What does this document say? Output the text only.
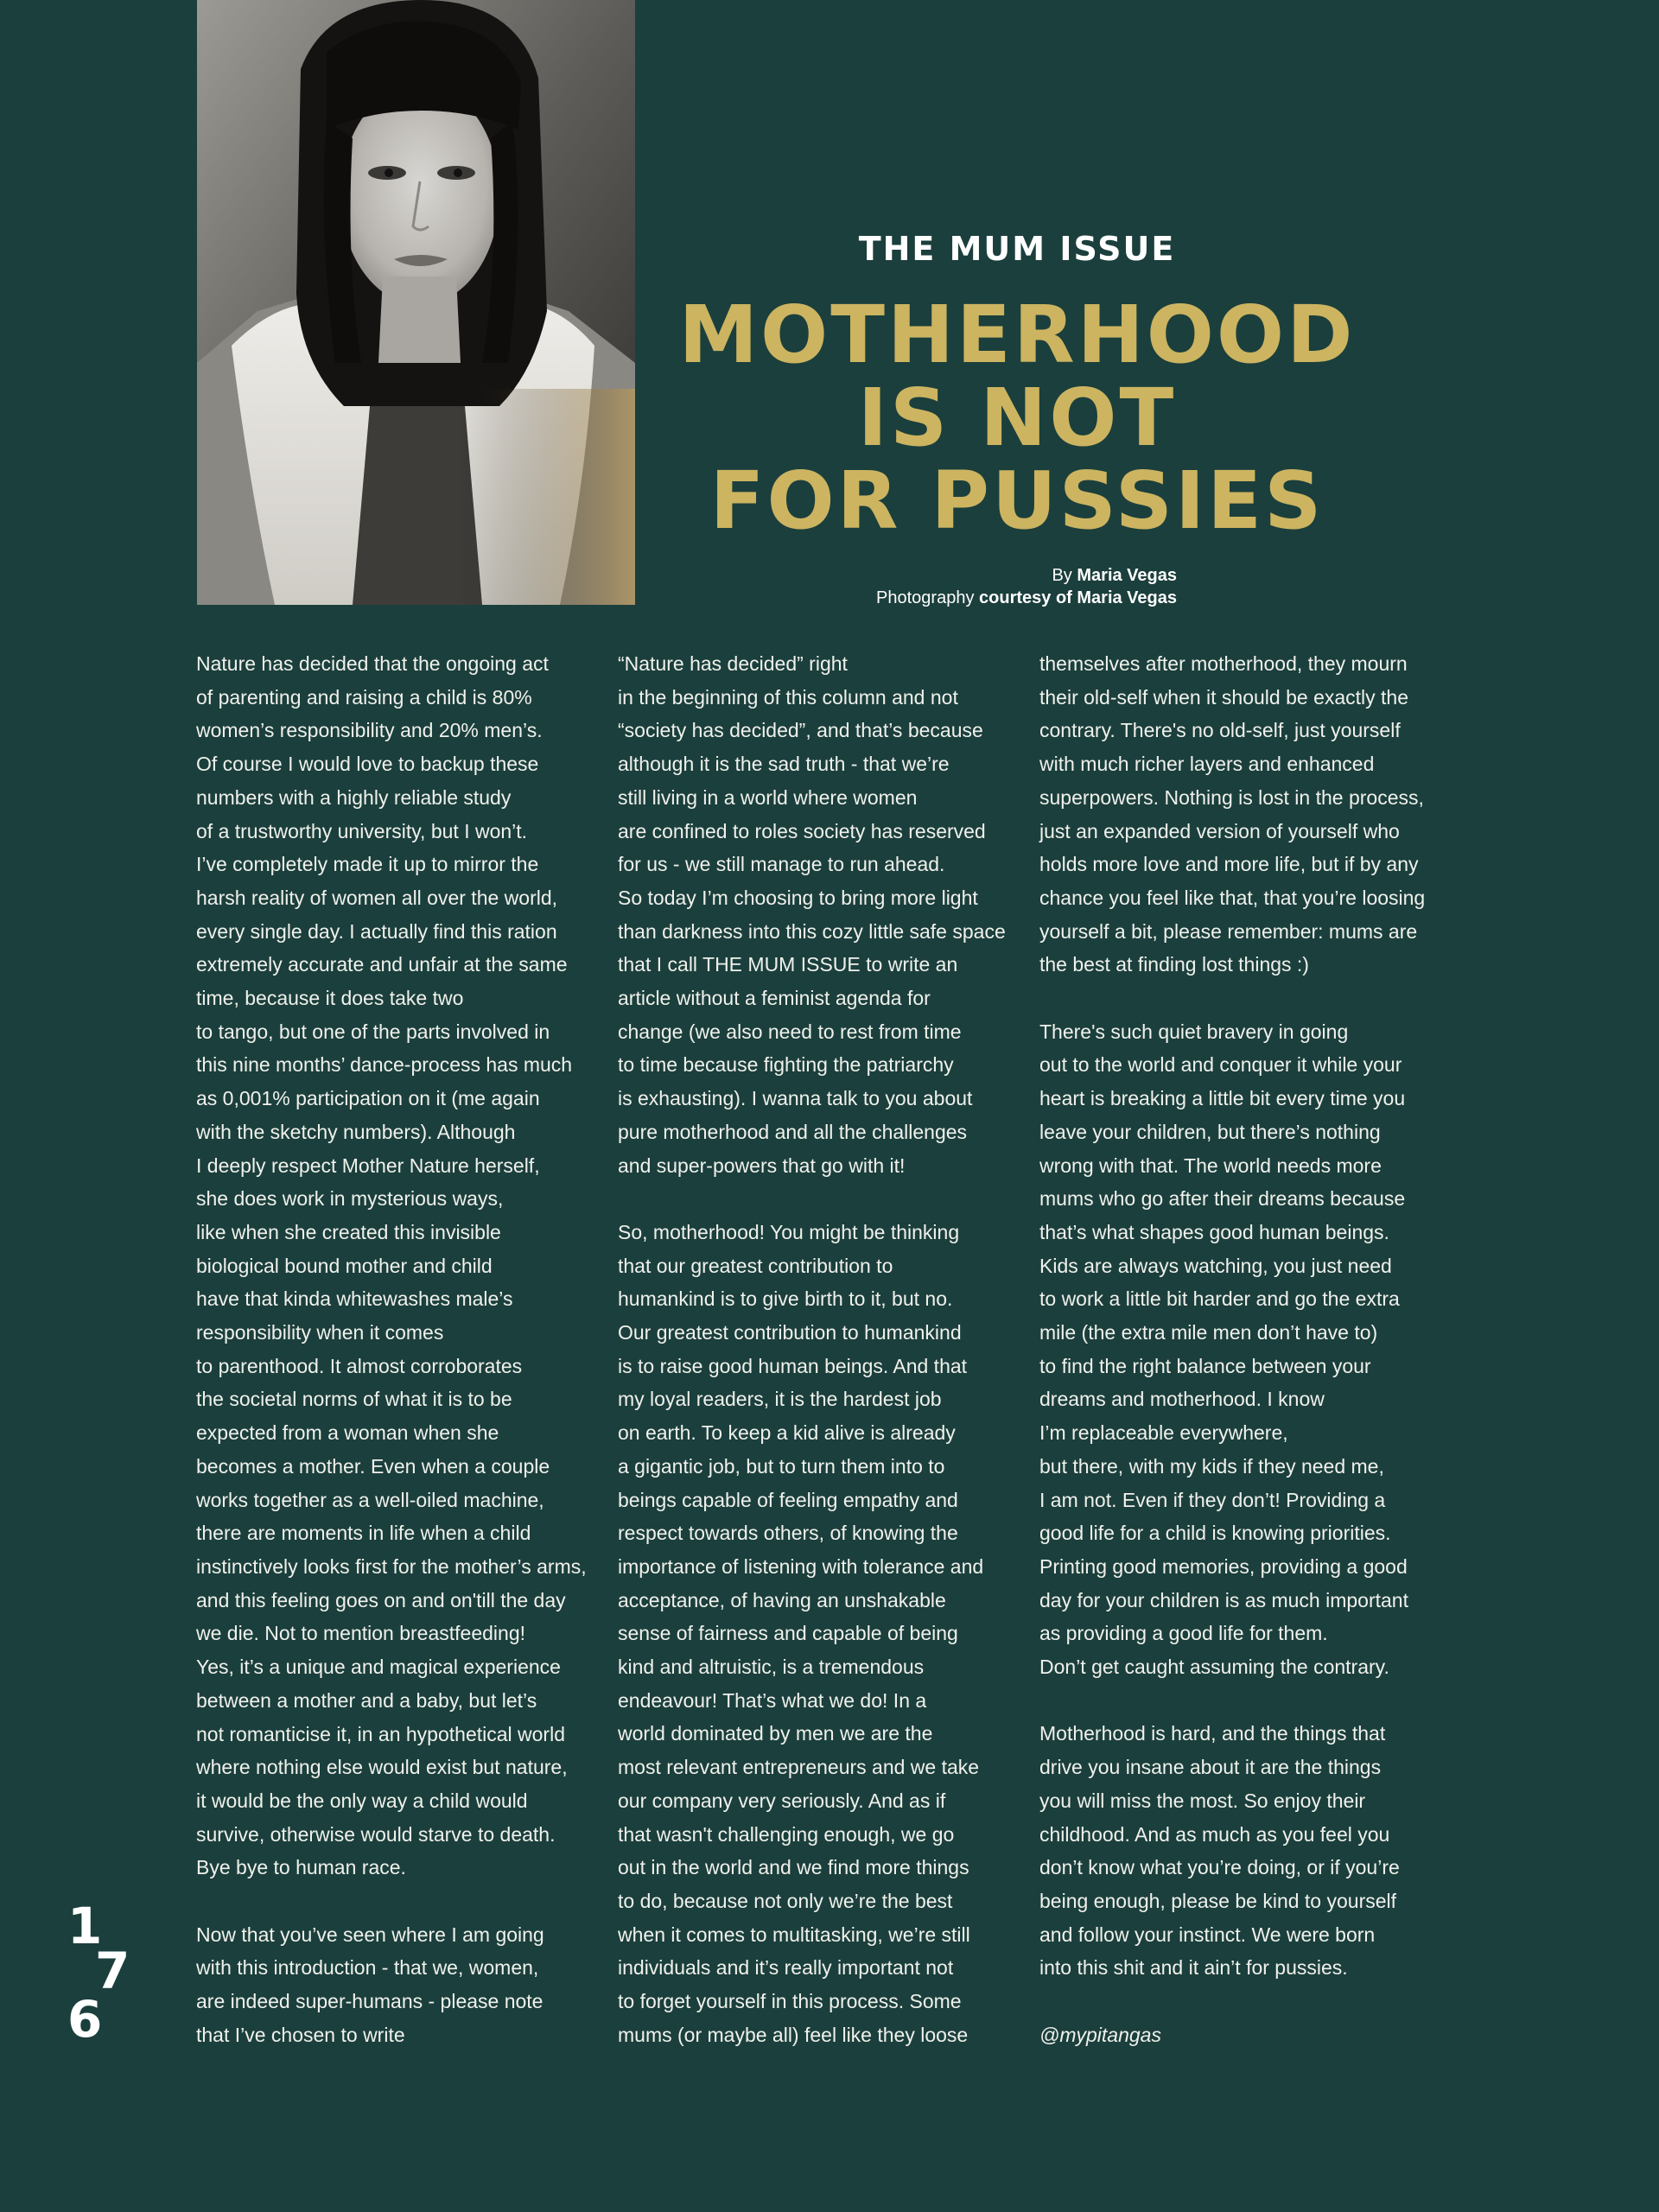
THE MUM ISSUE
MOTHERHOOD
IS NOT
FOR PUSSIES
By Maria Vegas
Photography courtesy of Maria Vegas

Nature has decided that the ongoing act
of parenting and raising a child is 80%
women’s responsibility and 20% men’s.
Of course I would love to backup these
numbers with a highly reliable study
of a trustworthy university, but I won’t.
I’ve completely made it up to mirror the
harsh reality of women all over the world,
every single day. I actually find this ration
extremely accurate and unfair at the same
time, because it does take two
to tango, but one of the parts involved in
this nine months’ dance-process has much
as 0,001% participation on it (me again
with the sketchy numbers). Although
I deeply respect Mother Nature herself,
she does work in mysterious ways,
like when she created this invisible
biological bound mother and child
have that kinda whitewashes male’s
responsibility when it comes
to parenthood. It almost corroborates
the societal norms of what it is to be
expected from a woman when she
becomes a mother. Even when a couple
works together as a well-oiled machine,
there are moments in life when a child
instinctively looks first for the mother’s arms,
and this feeling goes on and on'till the day
we die. Not to mention breastfeeding!
Yes, it’s a unique and magical experience
between a mother and a baby, but let’s
not romanticise it, in an hypothetical world
where nothing else would exist but nature,
it would be the only way a child would
survive, otherwise would starve to death.
Bye bye to human race.

Now that you’ve seen where I am going
with this introduction - that we, women,
are indeed super-humans - please note
that I’ve chosen to write

“Nature has decided” right
in the beginning of this column and not
“society has decided”, and that’s because
although it is the sad truth - that we’re
still living in a world where women
are confined to roles society has reserved
for us - we still manage to run ahead.
So today I’m choosing to bring more light
than darkness into this cozy little safe space
that I call THE MUM ISSUE to write an
article without a feminist agenda for
change (we also need to rest from time
to time because fighting the patriarchy
is exhausting). I wanna talk to you about
pure motherhood and all the challenges
and super-powers that go with it!

So, motherhood! You might be thinking
that our greatest contribution to
humankind is to give birth to it, but no.
Our greatest contribution to humankind
is to raise good human beings. And that
my loyal readers, it is the hardest job
on earth. To keep a kid alive is already
a gigantic job, but to turn them into to
beings capable of feeling empathy and
respect towards others, of knowing the
importance of listening with tolerance and
acceptance, of having an unshakable
sense of fairness and capable of being
kind and altruistic, is a tremendous
endeavour! That’s what we do! In a
world dominated by men we are the
most relevant entrepreneurs and we take
our company very seriously. And as if
that wasn't challenging enough, we go
out in the world and we find more things
to do, because not only we’re the best
when it comes to multitasking, we’re still
individuals and it’s really important not
to forget yourself in this process. Some
mums (or maybe all) feel like they loose

themselves after motherhood, they mourn
their old-self when it should be exactly the
contrary. There's no old-self, just yourself
with much richer layers and enhanced
superpowers. Nothing is lost in the process,
just an expanded version of yourself who
holds more love and more life, but if by any
chance you feel like that, that you’re loosing
yourself a bit, please remember: mums are
the best at finding lost things :)

There's such quiet bravery in going
out to the world and conquer it while your
heart is breaking a little bit every time you
leave your children, but there’s nothing
wrong with that. The world needs more
mums who go after their dreams because
that’s what shapes good human beings.
Kids are always watching, you just need
to work a little bit harder and go the extra
mile (the extra mile men don’t have to)
to find the right balance between your
dreams and motherhood. I know
I’m replaceable everywhere,
but there, with my kids if they need me,
I am not. Even if they don’t! Providing a
good life for a child is knowing priorities.
Printing good memories, providing a good
day for your children is as much important
as providing a good life for them.
Don’t get caught assuming the contrary.

Motherhood is hard, and the things that
drive you insane about it are the things
you will miss the most. So enjoy their
childhood. And as much as you feel you
don’t know what you’re doing, or if you’re
being enough, please be kind to yourself
and follow your instinct. We were born
into this shit and it ain’t for pussies.

@mypitangas

1
7
6
